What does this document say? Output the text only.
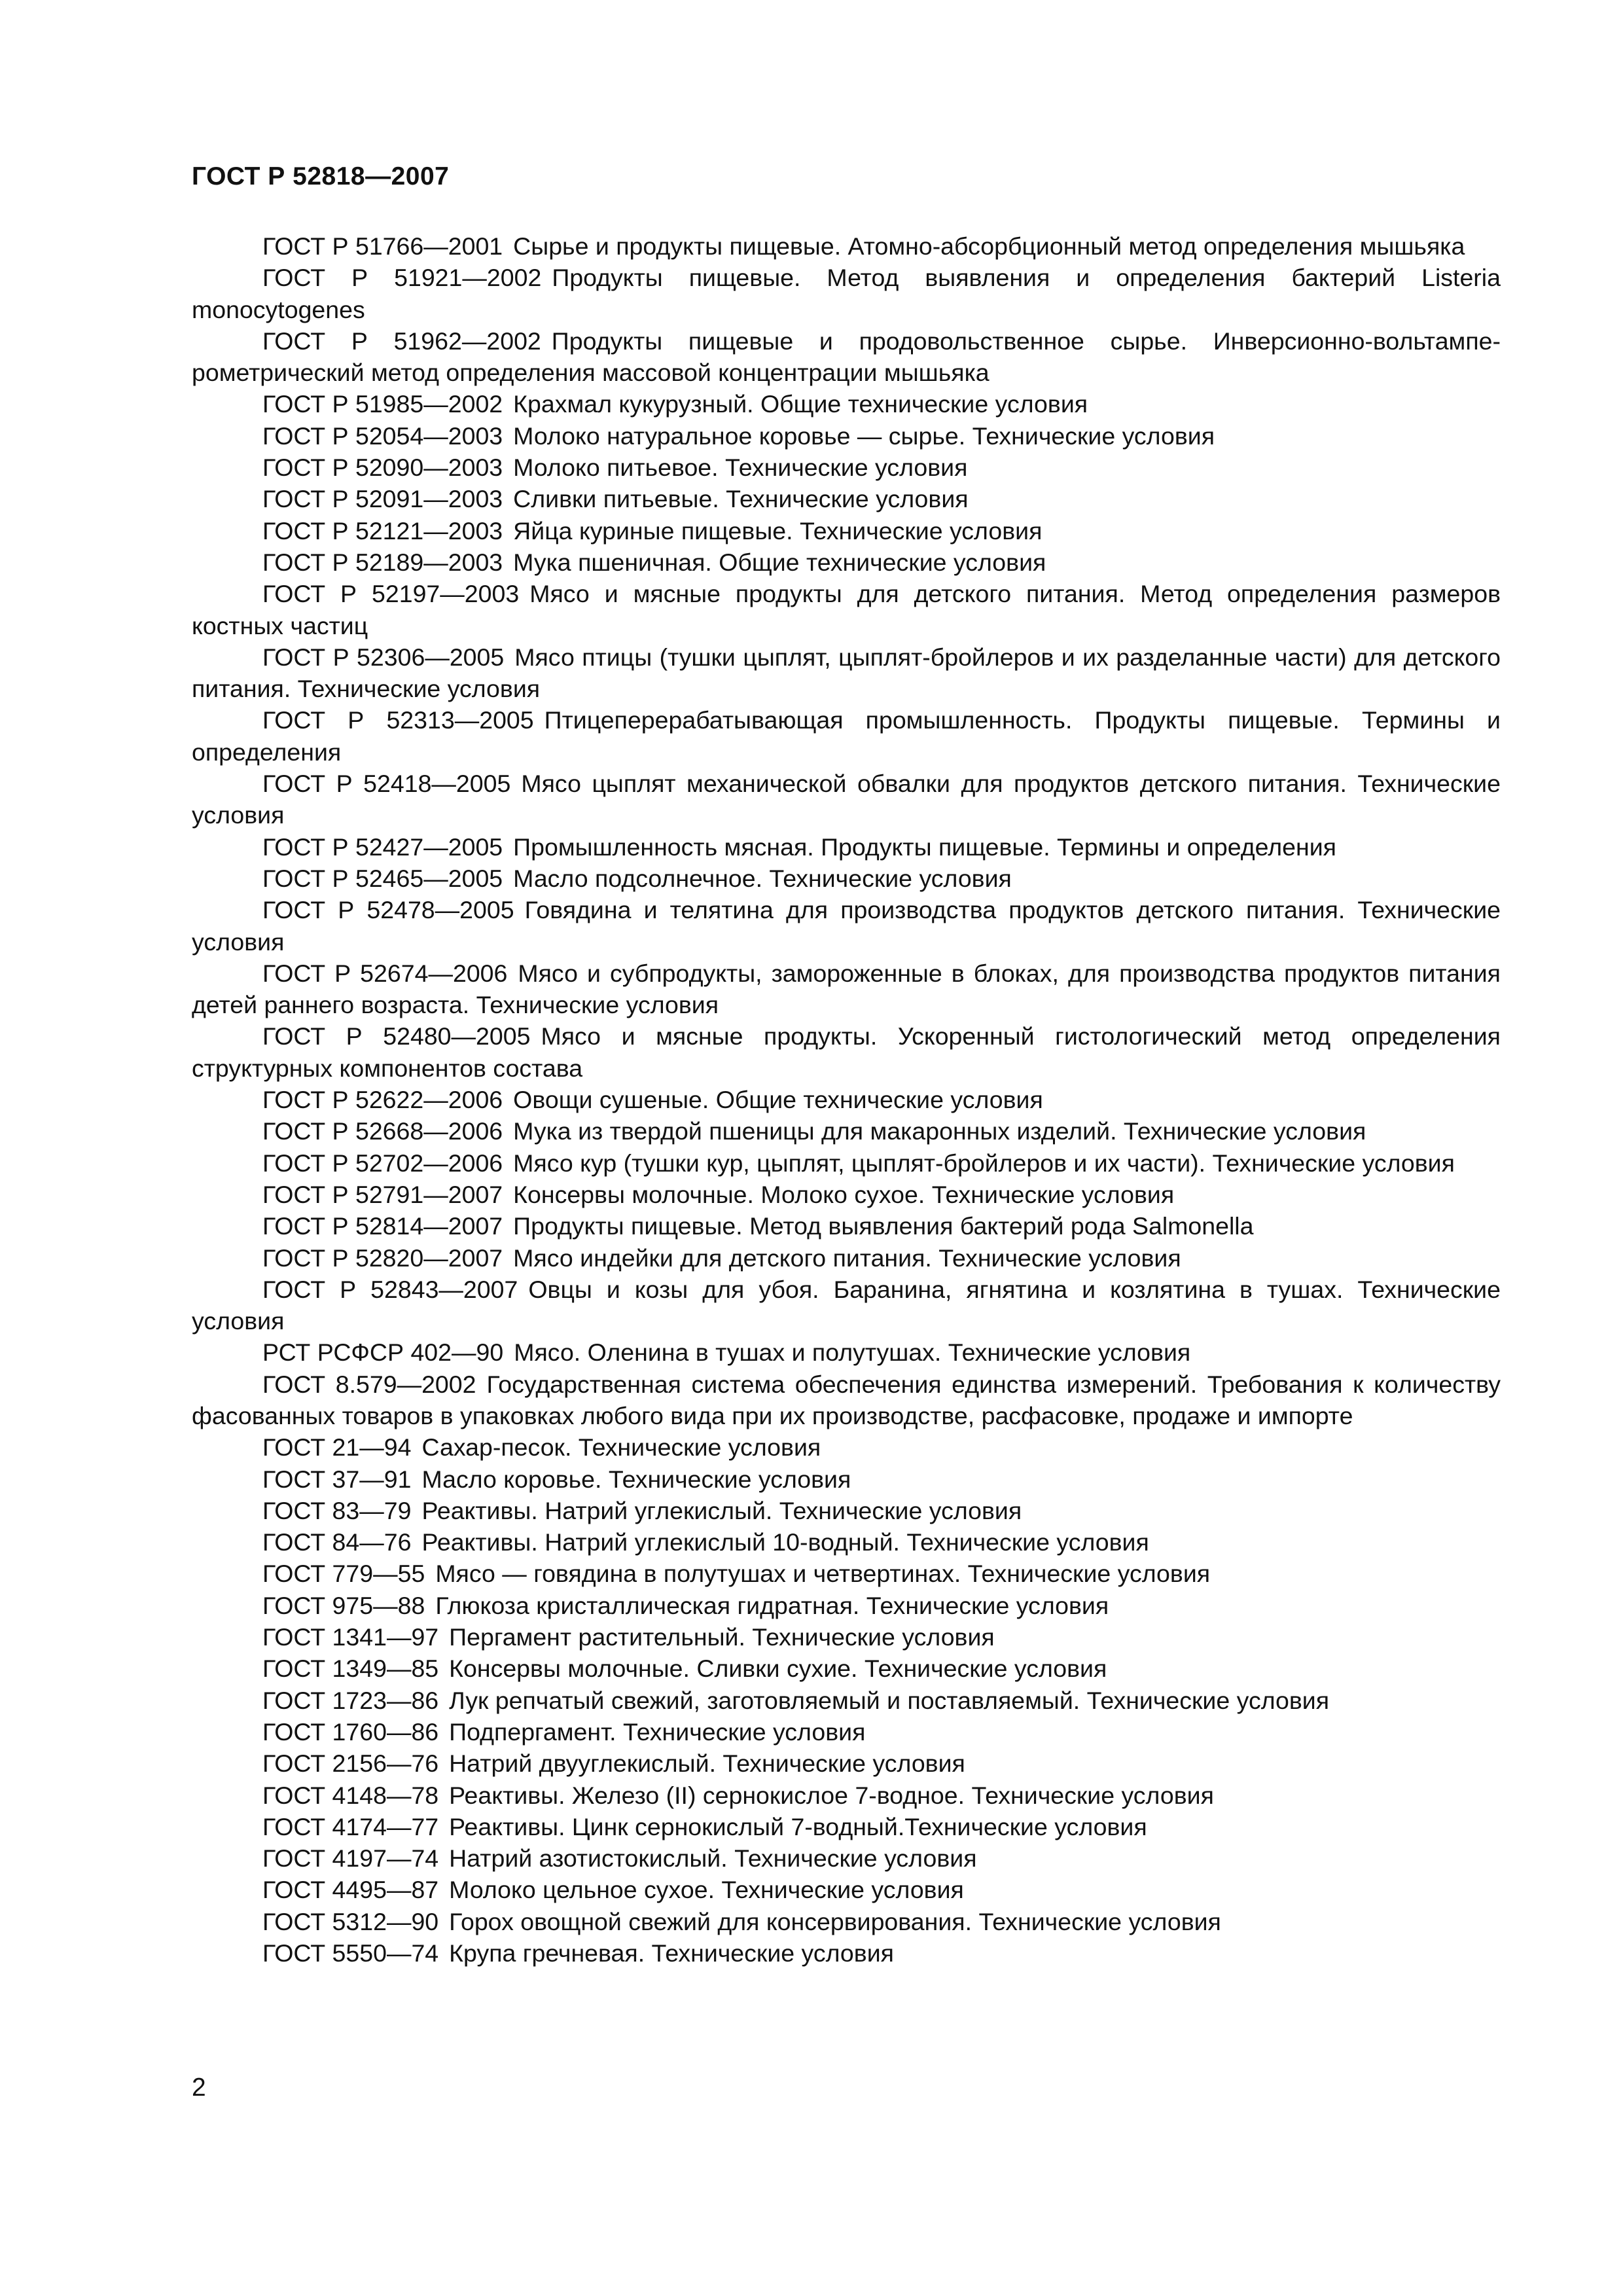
ГОСТ Р 52818—2007

ГОСТ Р 51766—2001 Сырье и продукты пищевые. Атомно-абсорбционный метод определения мышьяка

ГОСТ Р 51921—2002 Продукты пищевые. Метод выявления и определения бактерий Listeria monocytogenes

ГОСТ Р 51962—2002 Продукты пищевые и продовольственное сырье. Инверсионно-вольтамперометрический метод определения массовой концентрации мышьяка

ГОСТ Р 51985—2002 Крахмал кукурузный. Общие технические условия

ГОСТ Р 52054—2003 Молоко натуральное коровье — сырье. Технические условия

ГОСТ Р 52090—2003 Молоко питьевое. Технические условия

ГОСТ Р 52091—2003 Сливки питьевые. Технические условия

ГОСТ Р 52121—2003 Яйца куриные пищевые. Технические условия

ГОСТ Р 52189—2003 Мука пшеничная. Общие технические условия

ГОСТ Р 52197—2003 Мясо и мясные продукты для детского питания. Метод определения размеров костных частиц

ГОСТ Р 52306—2005 Мясо птицы (тушки цыплят, цыплят-бройлеров и их разделанные части) для детского питания. Технические условия

ГОСТ Р 52313—2005 Птицеперерабатывающая промышленность. Продукты пищевые. Термины и определения

ГОСТ Р 52418—2005 Мясо цыплят механической обвалки для продуктов детского питания. Технические условия

ГОСТ Р 52427—2005 Промышленность мясная. Продукты пищевые. Термины и определения

ГОСТ Р 52465—2005 Масло подсолнечное. Технические условия

ГОСТ Р 52478—2005 Говядина и телятина для производства продуктов детского питания. Технические условия

ГОСТ Р 52674—2006 Мясо и субпродукты, замороженные в блоках, для производства продуктов питания детей раннего возраста. Технические условия

ГОСТ Р 52480—2005 Мясо и мясные продукты. Ускоренный гистологический метод определения структурных компонентов состава

ГОСТ Р 52622—2006 Овощи сушеные. Общие технические условия

ГОСТ Р 52668—2006 Мука из твердой пшеницы для макаронных изделий. Технические условия

ГОСТ Р 52702—2006 Мясо кур (тушки кур, цыплят, цыплят-бройлеров и их части). Технические условия

ГОСТ Р 52791—2007 Консервы молочные. Молоко сухое. Технические условия

ГОСТ Р 52814—2007 Продукты пищевые. Метод выявления бактерий рода Salmonella

ГОСТ Р 52820—2007 Мясо индейки для детского питания. Технические условия

ГОСТ Р 52843—2007 Овцы и козы для убоя. Баранина, ягнятина и козлятина в тушах. Технические условия

РСТ РСФСР 402—90 Мясо. Оленина в тушах и полутушах. Технические условия

ГОСТ 8.579—2002 Государственная система обеспечения единства измерений. Требования к количеству фасованных товаров в упаковках любого вида при их производстве, расфасовке, продаже и импорте

ГОСТ 21—94 Сахар-песок. Технические условия

ГОСТ 37—91 Масло коровье. Технические условия

ГОСТ 83—79 Реактивы. Натрий углекислый. Технические условия

ГОСТ 84—76 Реактивы. Натрий углекислый 10-водный. Технические условия

ГОСТ 779—55 Мясо — говядина в полутушах и четвертинах. Технические условия

ГОСТ 975—88 Глюкоза кристаллическая гидратная. Технические условия

ГОСТ 1341—97 Пергамент растительный. Технические условия

ГОСТ 1349—85 Консервы молочные. Сливки сухие. Технические условия

ГОСТ 1723—86 Лук репчатый свежий, заготовляемый и поставляемый. Технические условия

ГОСТ 1760—86 Подпергамент. Технические условия

ГОСТ 2156—76 Натрий двууглекислый. Технические условия

ГОСТ 4148—78 Реактивы. Железо (II) сернокислое 7-водное. Технические условия

ГОСТ 4174—77 Реактивы. Цинк сернокислый 7-водный.Технические условия

ГОСТ 4197—74 Натрий азотистокислый. Технические условия

ГОСТ 4495—87 Молоко цельное сухое. Технические условия

ГОСТ 5312—90 Горох овощной свежий для консервирования. Технические условия

ГОСТ 5550—74 Крупа гречневая. Технические условия

2
